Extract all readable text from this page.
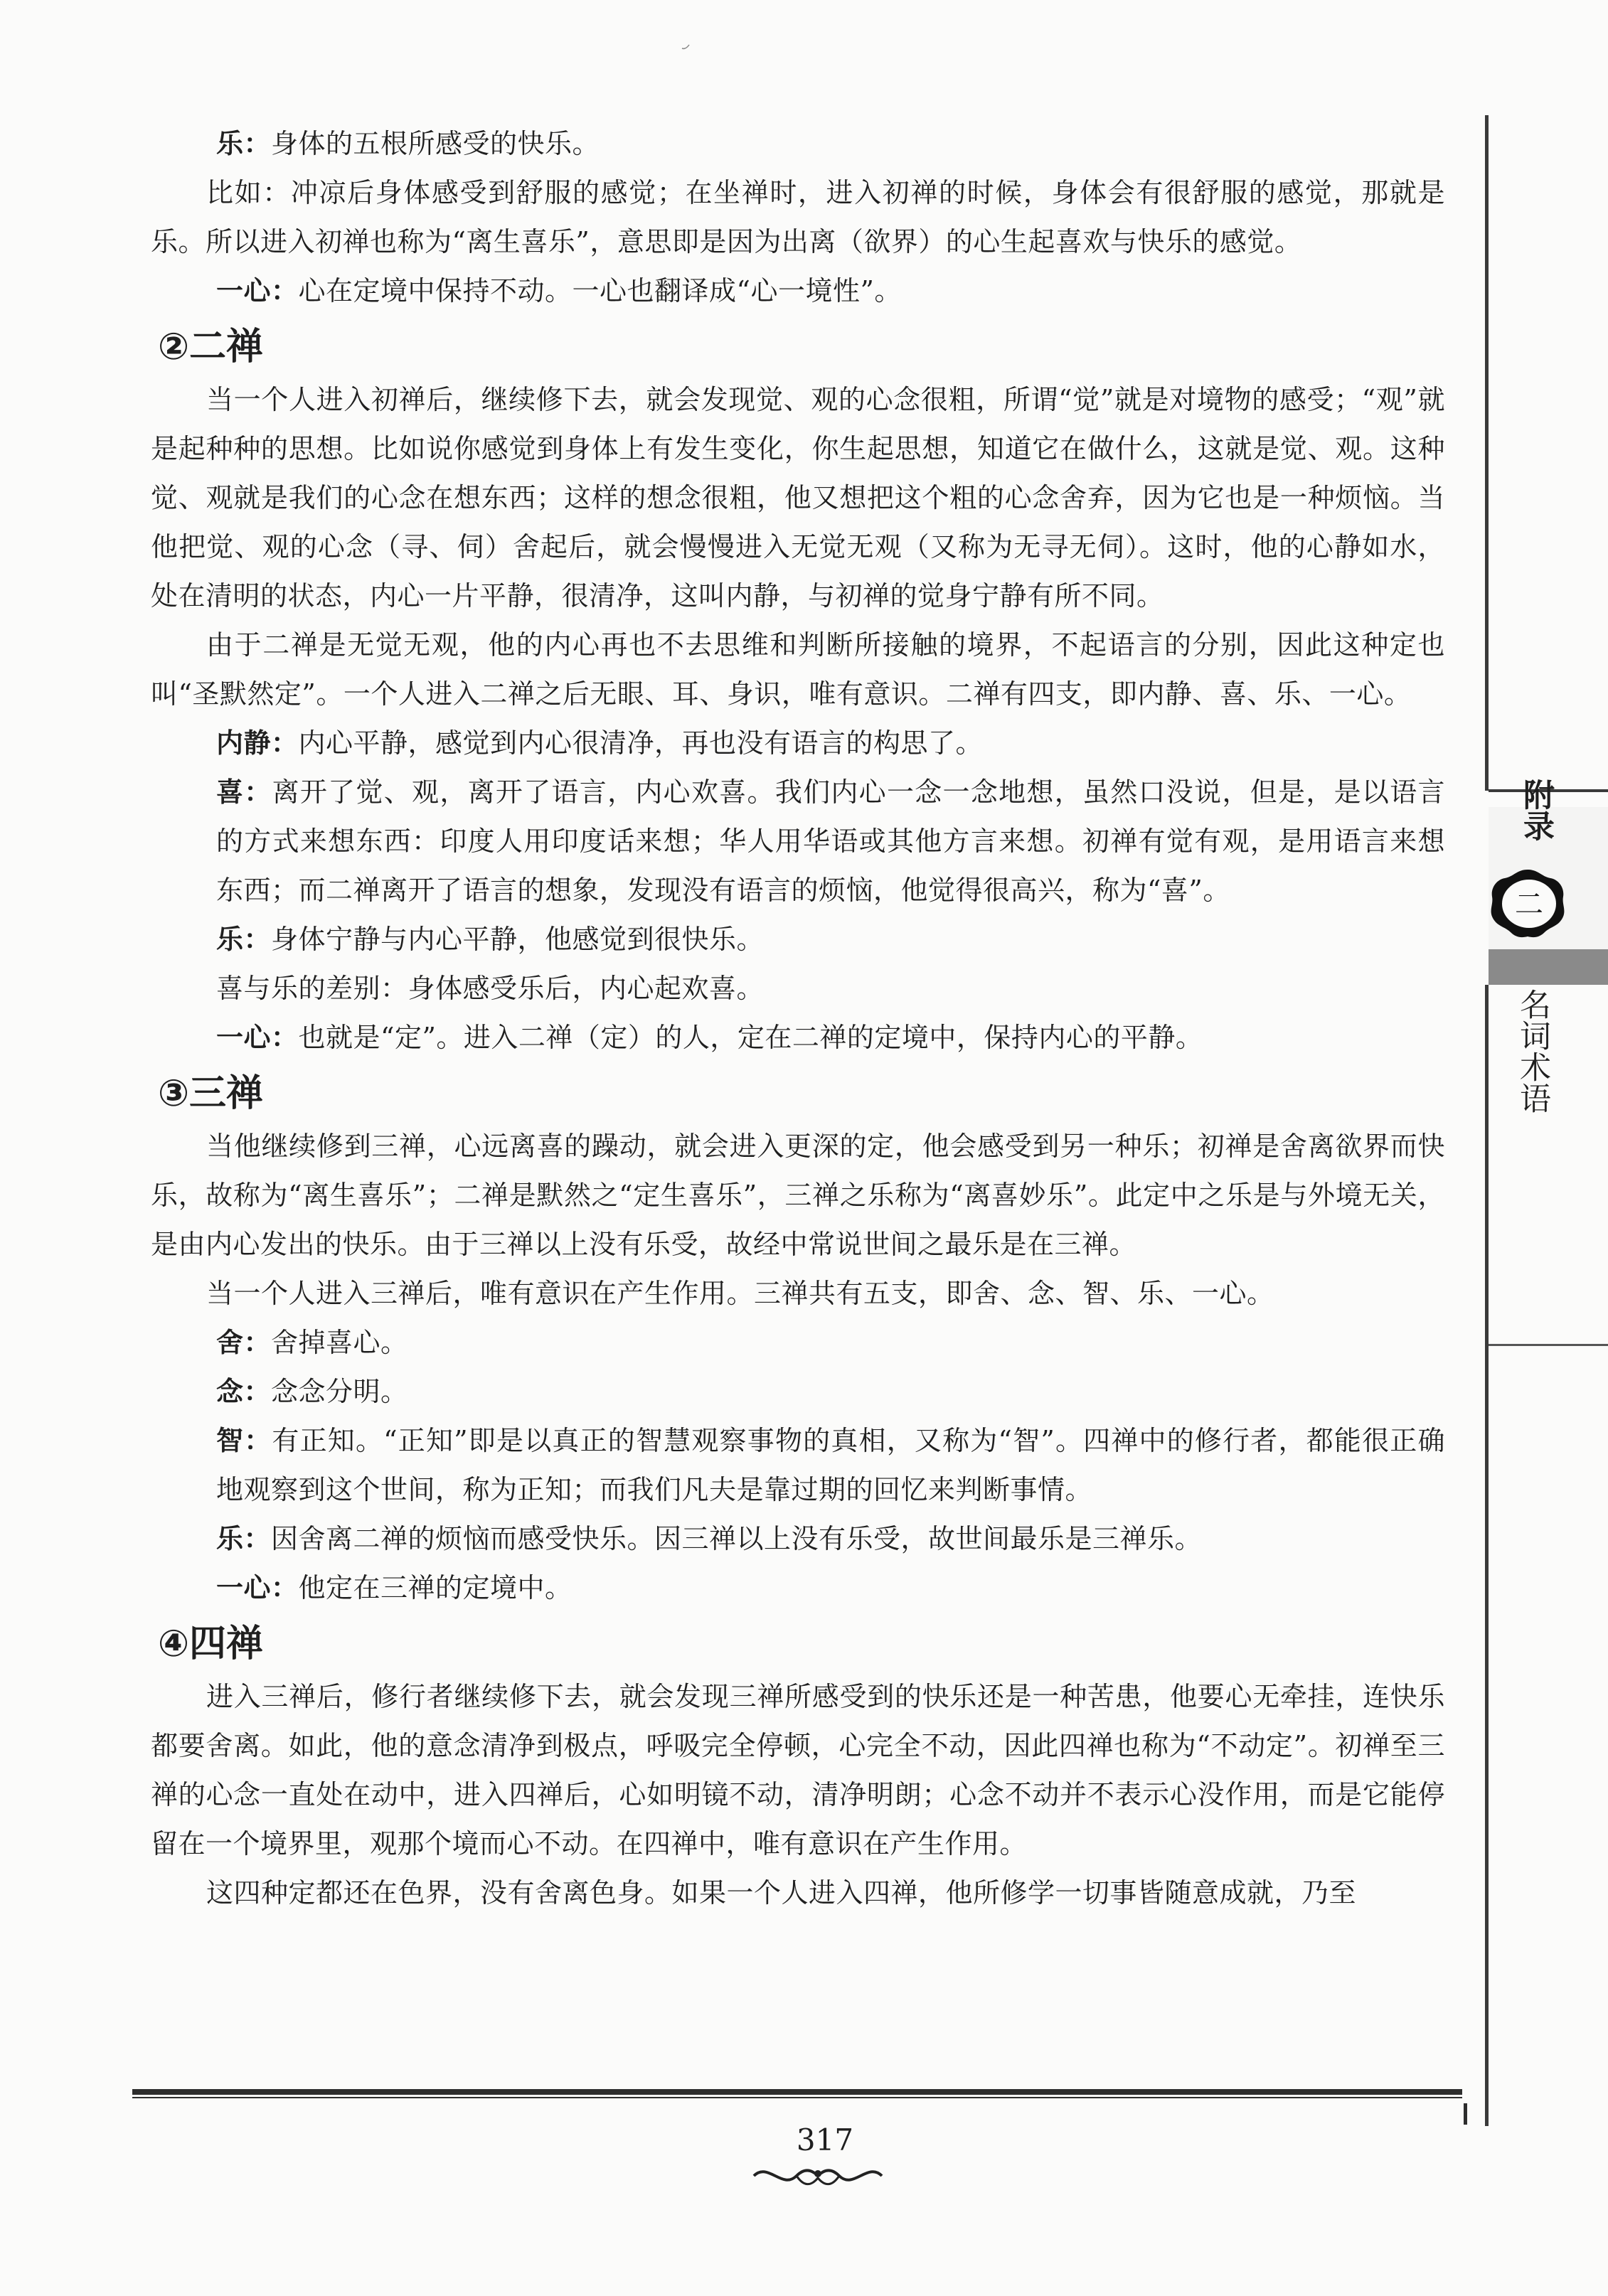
附录
二
名词术语

乐：身体的五根所感受的快乐。

比如：冲凉后身体感受到舒服的感觉；在坐禅时，进入初禅的时候，身体会有很舒服的感觉，那就是乐。所以进入初禅也称为“离生喜乐”，意思即是因为出离（欲界）的心生起喜欢与快乐的感觉。

一心：心在定境中保持不动。一心也翻译成“心一境性”。

②二禅

当一个人进入初禅后，继续修下去，就会发现觉、观的心念很粗，所谓“觉”就是对境物的感受；“观”就是起种种的思想。比如说你感觉到身体上有发生变化，你生起思想，知道它在做什么，这就是觉、观。这种觉、观就是我们的心念在想东西；这样的想念很粗，他又想把这个粗的心念舍弃，因为它也是一种烦恼。当他把觉、观的心念（寻、伺）舍起后，就会慢慢进入无觉无观（又称为无寻无伺）。这时，他的心静如水，处在清明的状态，内心一片平静，很清净，这叫内静，与初禅的觉身宁静有所不同。

由于二禅是无觉无观，他的内心再也不去思维和判断所接触的境界，不起语言的分别，因此这种定也叫“圣默然定”。一个人进入二禅之后无眼、耳、身识，唯有意识。二禅有四支，即内静、喜、乐、一心。

内静：内心平静，感觉到内心很清净，再也没有语言的构思了。

喜：离开了觉、观，离开了语言，内心欢喜。我们内心一念一念地想，虽然口没说，但是，是以语言的方式来想东西：印度人用印度话来想；华人用华语或其他方言来想。初禅有觉有观，是用语言来想东西；而二禅离开了语言的想象，发现没有语言的烦恼，他觉得很高兴，称为“喜”。

乐：身体宁静与内心平静，他感觉到很快乐。

喜与乐的差别：身体感受乐后，内心起欢喜。

一心：也就是“定”。进入二禅（定）的人，定在二禅的定境中，保持内心的平静。

③三禅

当他继续修到三禅，心远离喜的躁动，就会进入更深的定，他会感受到另一种乐；初禅是舍离欲界而快乐，故称为“离生喜乐”；二禅是默然之“定生喜乐”，三禅之乐称为“离喜妙乐”。此定中之乐是与外境无关，是由内心发出的快乐。由于三禅以上没有乐受，故经中常说世间之最乐是在三禅。

当一个人进入三禅后，唯有意识在产生作用。三禅共有五支，即舍、念、智、乐、一心。

舍：舍掉喜心。

念：念念分明。

智：有正知。“正知”即是以真正的智慧观察事物的真相，又称为“智”。四禅中的修行者，都能很正确地观察到这个世间，称为正知；而我们凡夫是靠过期的回忆来判断事情。

乐：因舍离二禅的烦恼而感受快乐。因三禅以上没有乐受，故世间最乐是三禅乐。

一心：他定在三禅的定境中。

④四禅

进入三禅后，修行者继续修下去，就会发现三禅所感受到的快乐还是一种苦患，他要心无牵挂，连快乐都要舍离。如此，他的意念清净到极点，呼吸完全停顿，心完全不动，因此四禅也称为“不动定”。初禅至三禅的心念一直处在动中，进入四禅后，心如明镜不动，清净明朗；心念不动并不表示心没作用，而是它能停留在一个境界里，观那个境而心不动。在四禅中，唯有意识在产生作用。

这四种定都还在色界，没有舍离色身。如果一个人进入四禅，他所修学一切事皆随意成就，乃至

317
